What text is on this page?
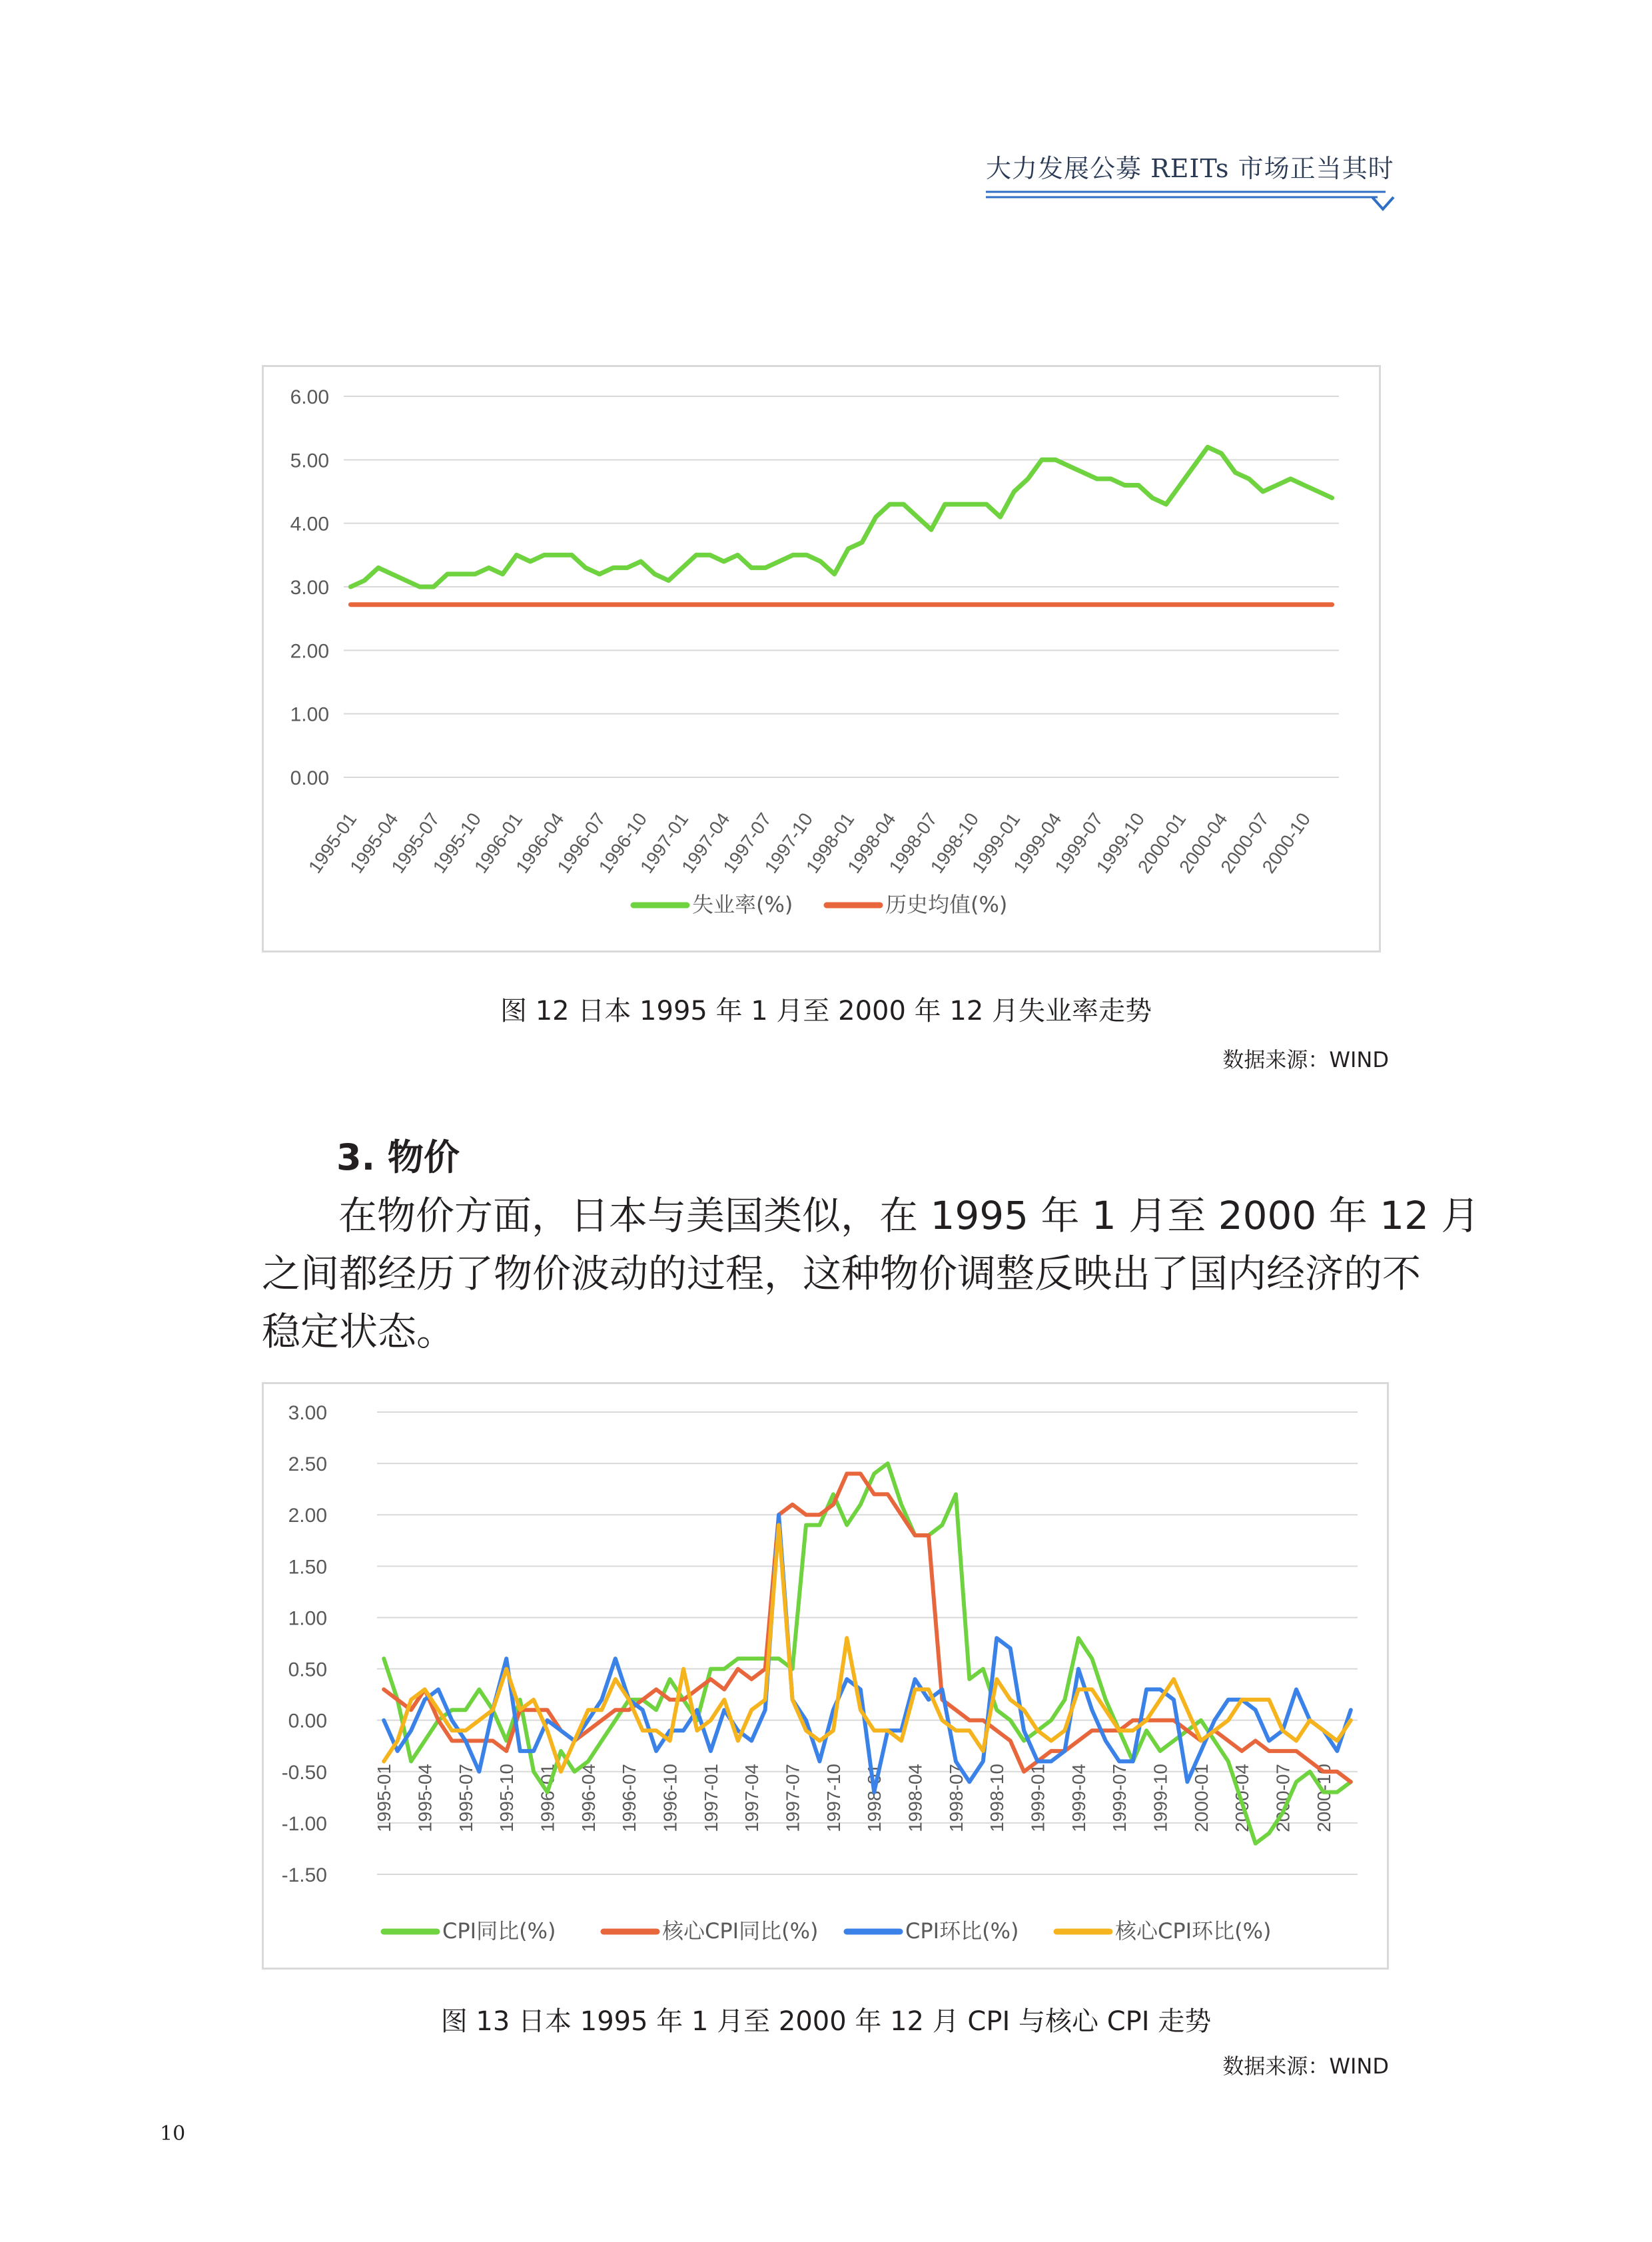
大力发展公募 REITs 市场正当其时
0.00
1.00
2.00
3.00
4.00
5.00
6.00
1995-01
1995-04
1995-07
1995-10
1996-01
1996-04
1996-07
1996-10
1997-01
1997-04
1997-07
1997-10
1998-01
1998-04
1998-07
1998-10
1999-01
1999-04
1999-07
1999-10
2000-01
2000-04
2000-07
2000-10
失业率(%)	历史均值(%)
图 12 日本 1995 年 1 月至 2000 年 12 月失业率走势
数据来源：WIND
3. 物价
在物价方面，日本与美国类似，在 1995 年 1 月至 2000 年 12 月
之间都经历了物价波动的过程，这种物价调整反映出了国内经济的不
稳定状态。
-1.50
-1.00
-0.50
0.00
0.50
1.00
1.50
2.00
2.50
3.00
1995-01 1995-04 1995-07 1995-10 1996-01 1996-04 1996-07 1996-10 1997-01 1997-04 1997-07 1997-10 1998-01 1998-04 1998-07 1998-10 1999-01 1999-04 1999-07 1999-10 2000-01 2000-04 2000-07 2000-10
CPI同比(%)	核心CPI同比(%)	CPI环比(%)	核心CPI环比(%)
图 13 日本 1995 年 1 月至 2000 年 12 月 CPI 与核心 CPI 走势
数据来源：WIND
10
